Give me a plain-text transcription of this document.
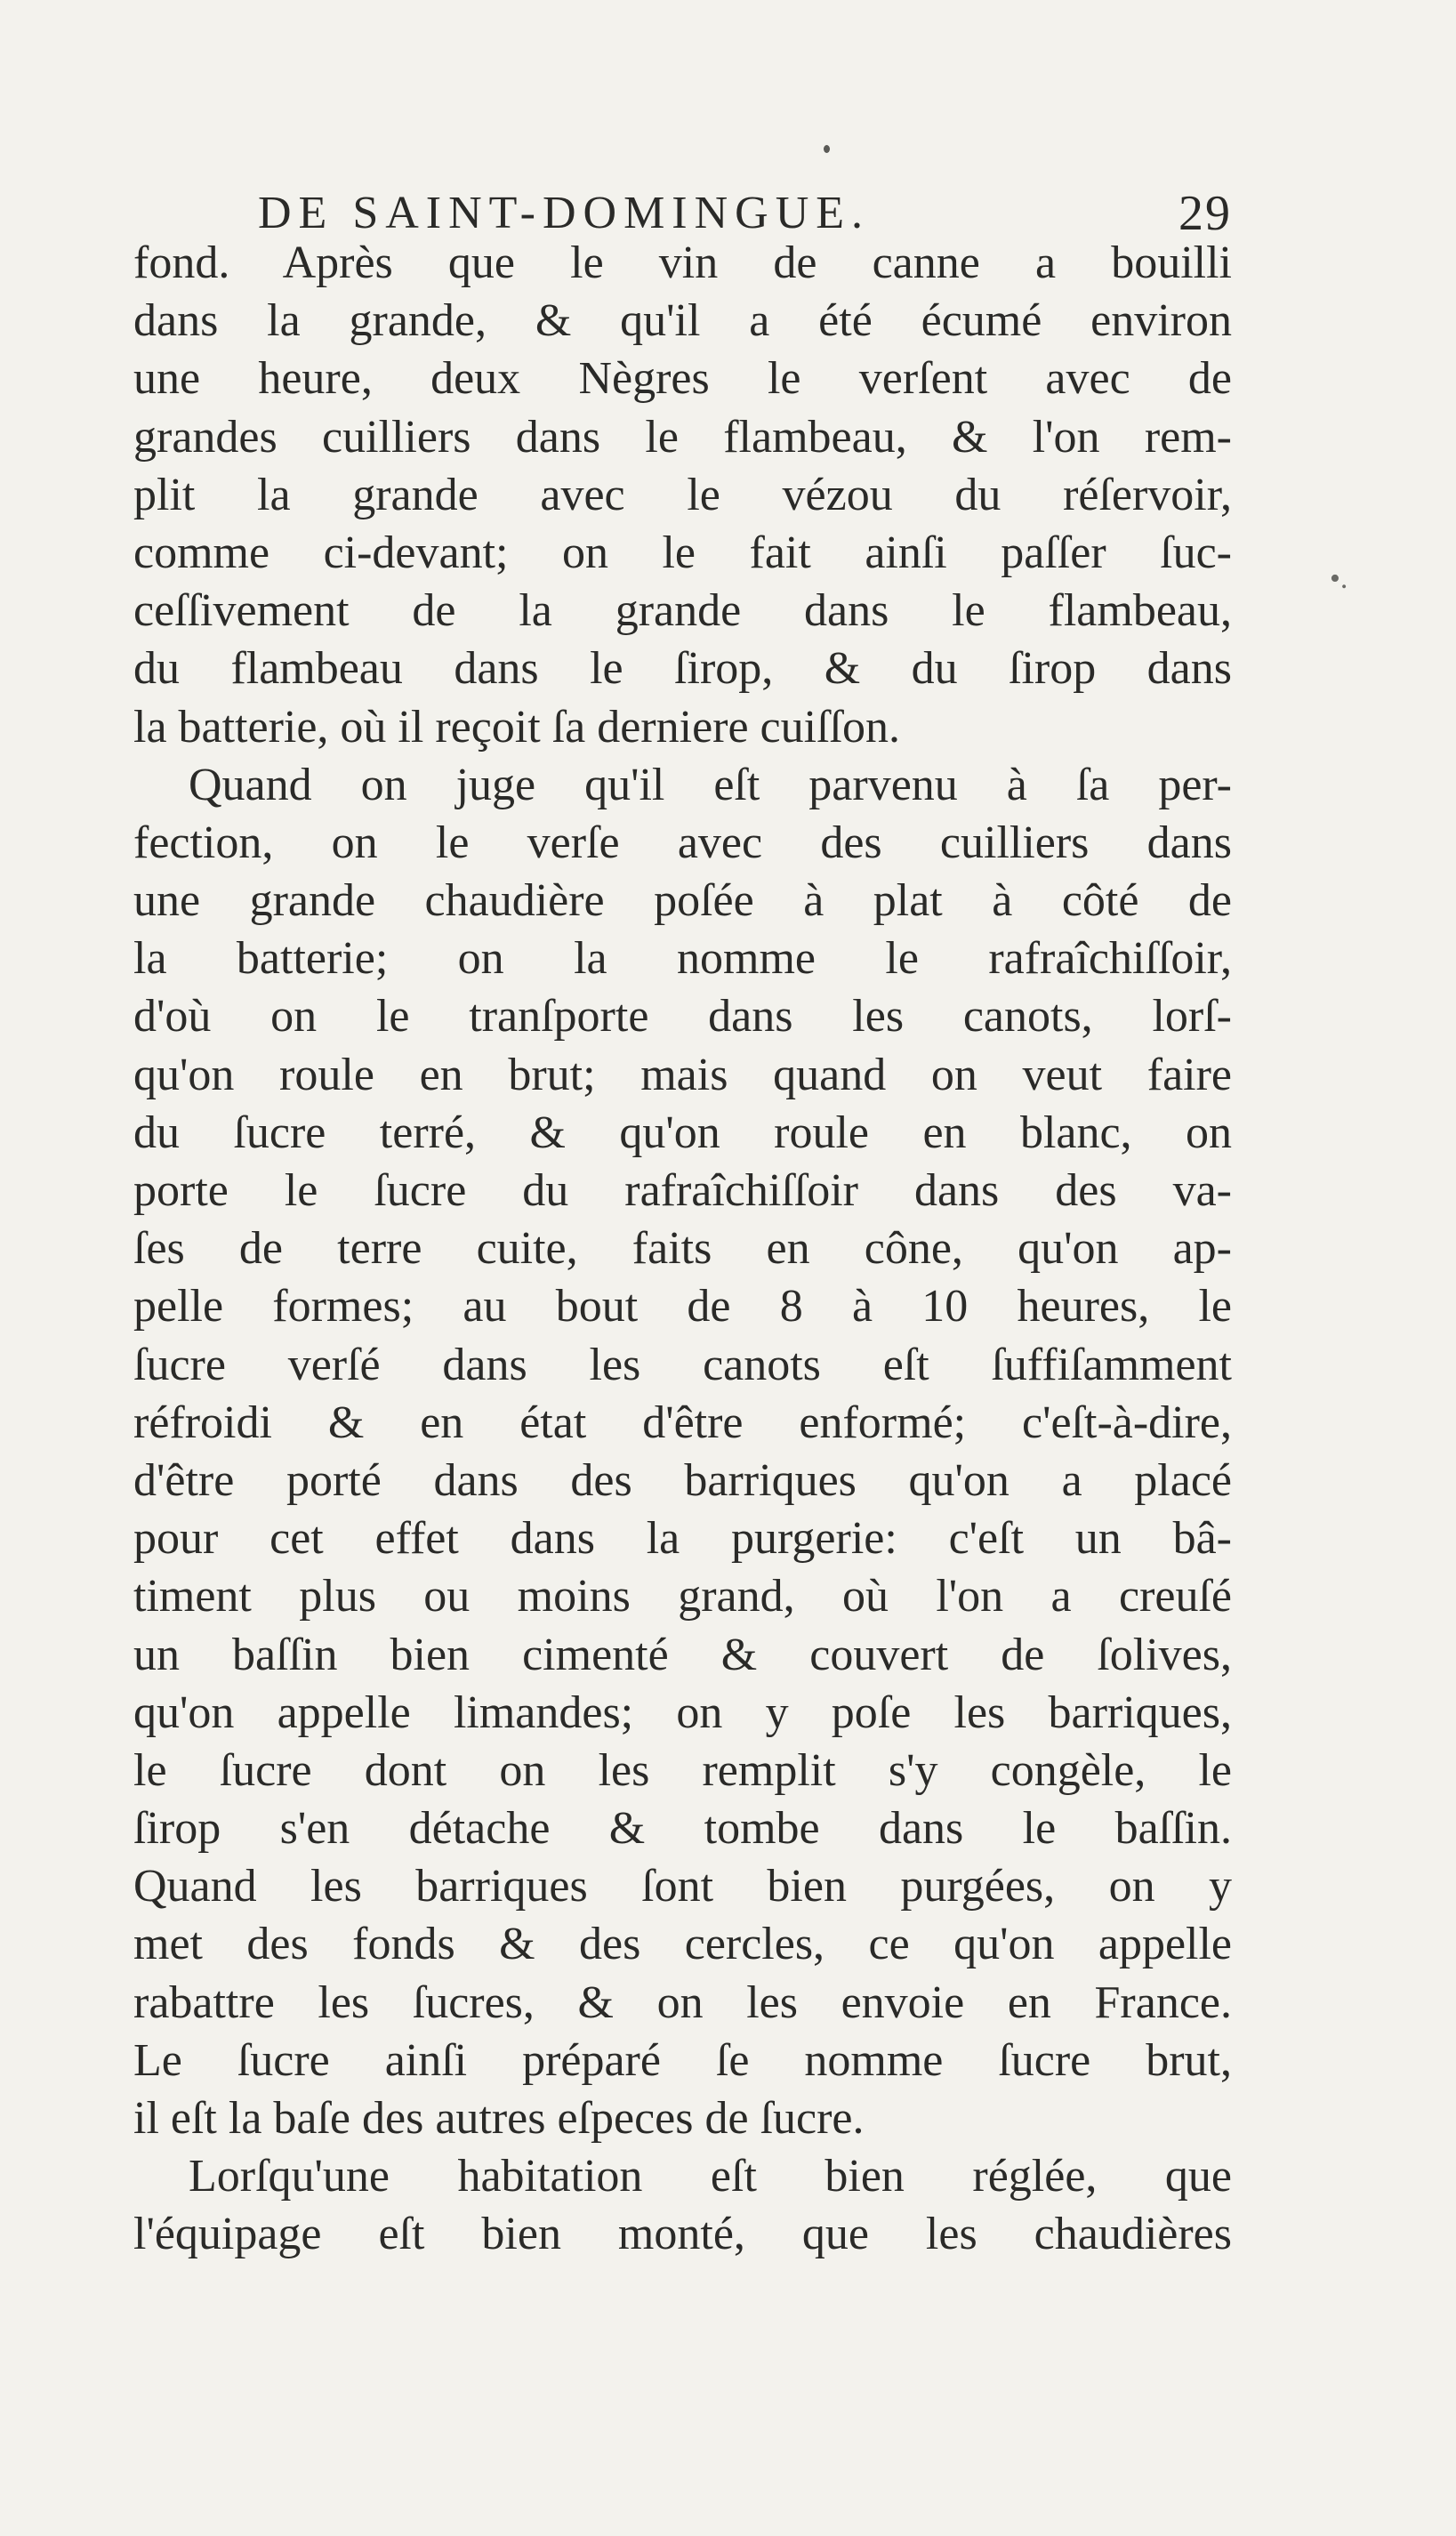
DE SAINT-DOMINGUE.	29
•.
fond. Après que le vin de canne a bouilli
dans la grande, & qu'il a été écumé environ
une heure, deux Nègres le verſent avec de
grandes cuilliers dans le flambeau, & l'on rem-
plit la grande avec le vézou du réſervoir,
comme ci-devant; on le fait ainſi paſſer ſuc-
ceſſivement de la grande dans le flambeau,
du flambeau dans le ſirop, & du ſirop dans
la batterie, où il reçoit ſa derniere cuiſſon.
Quand on juge qu'il eſt parvenu à ſa per-
fection, on le verſe avec des cuilliers dans
une grande chaudière poſée à plat à côté de
la batterie; on la nomme le rafraîchiſſoir,
d'où on le tranſporte dans les canots, lorſ-
qu'on roule en brut; mais quand on veut faire
du ſucre terré, & qu'on roule en blanc, on
porte le ſucre du rafraîchiſſoir dans des va-
ſes de terre cuite, faits en cône, qu'on ap-
pelle formes; au bout de 8 à 10 heures, le
ſucre verſé dans les canots eſt ſuffiſamment
réfroidi & en état d'être enformé; c'eſt-à-dire,
d'être porté dans des barriques qu'on a placé
pour cet effet dans la purgerie: c'eſt un bâ-
timent plus ou moins grand, où l'on a creuſé
un baſſin bien cimenté & couvert de ſolives,
qu'on appelle limandes; on y poſe les barriques,
le ſucre dont on les remplit s'y congèle, le
ſirop s'en détache & tombe dans le baſſin.
Quand les barriques ſont bien purgées, on y
met des fonds & des cercles, ce qu'on appelle
rabattre les ſucres, & on les envoie en France.
Le ſucre ainſi préparé ſe nomme ſucre brut,
il eſt la baſe des autres eſpeces de ſucre.
Lorſqu'une habitation eſt bien réglée, que
l'équipage eſt bien monté, que les chaudières
